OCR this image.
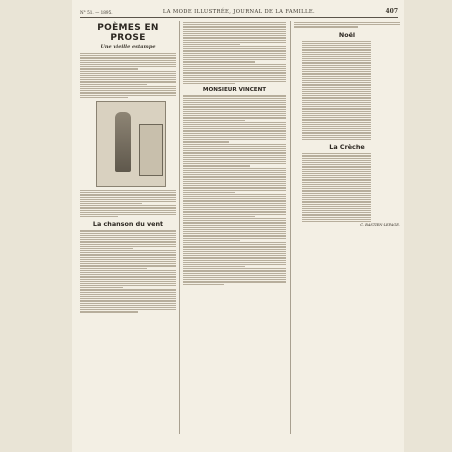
N° 51. — 1895.	LA MODE ILLUSTRÉE, JOURNAL DE LA FAMILLE.	407
POÈMES EN PROSE
Une vieille estampe
La chanson du vent
MONSIEUR VINCENT
Noël
La Crèche
C. BASTIEN-LEPAGE.
